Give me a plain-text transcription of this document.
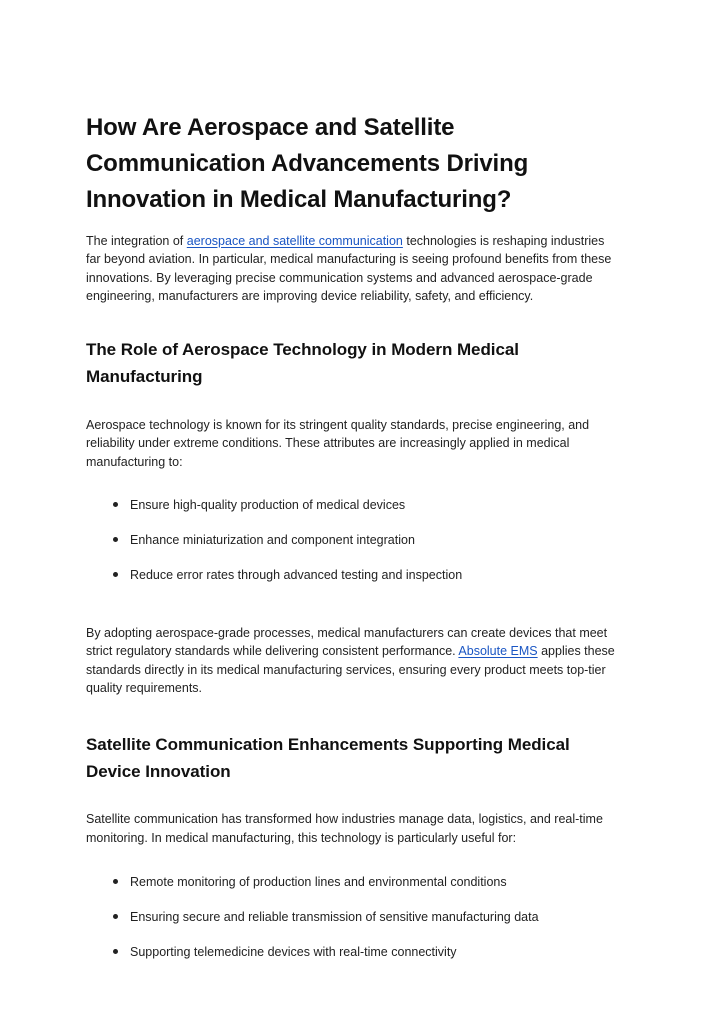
How Are Aerospace and Satellite Communication Advancements Driving Innovation in Medical Manufacturing?

The integration of aerospace and satellite communication technologies is reshaping industries far beyond aviation. In particular, medical manufacturing is seeing profound benefits from these innovations. By leveraging precise communication systems and advanced aerospace-grade engineering, manufacturers are improving device reliability, safety, and efficiency.

The Role of Aerospace Technology in Modern Medical Manufacturing

Aerospace technology is known for its stringent quality standards, precise engineering, and reliability under extreme conditions. These attributes are increasingly applied in medical manufacturing to:

Ensure high-quality production of medical devices
Enhance miniaturization and component integration
Reduce error rates through advanced testing and inspection

By adopting aerospace-grade processes, medical manufacturers can create devices that meet strict regulatory standards while delivering consistent performance. Absolute EMS applies these standards directly in its medical manufacturing services, ensuring every product meets top-tier quality requirements.

Satellite Communication Enhancements Supporting Medical Device Innovation

Satellite communication has transformed how industries manage data, logistics, and real-time monitoring. In medical manufacturing, this technology is particularly useful for:

Remote monitoring of production lines and environmental conditions
Ensuring secure and reliable transmission of sensitive manufacturing data
Supporting telemedicine devices with real-time connectivity
